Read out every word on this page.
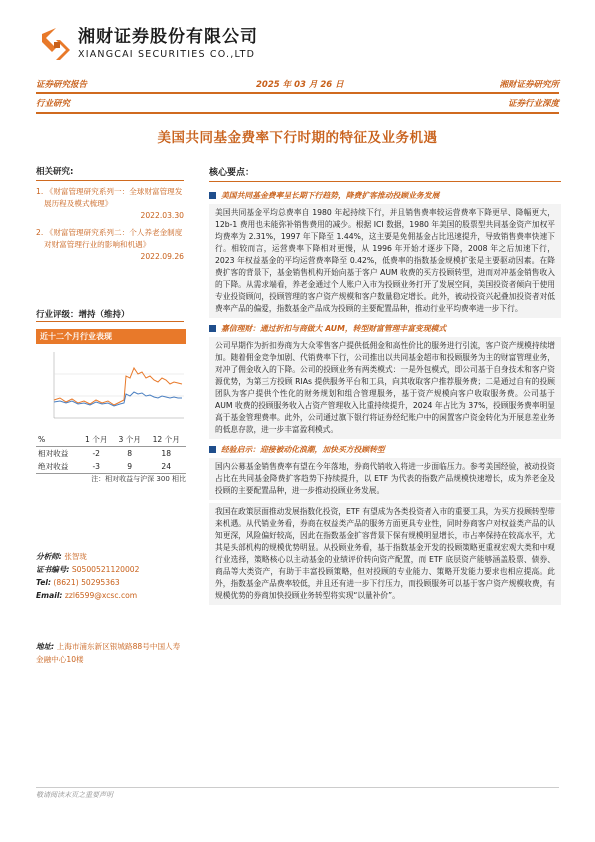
湘财证券股份有限公司
XIANGCAI SECURITIES CO.,LTD
证券研究报告	2025 年 03 月 26 日	湘财证券研究所
行业研究	证券行业深度
美国共同基金费率下行时期的特征及业务机遇
相关研究:
1. 《财富管理研究系列一：全球财富管理发展历程及模式梳理》
2022.03.30
2. 《财富管理研究系列二：个人养老金制度对财富管理行业的影响和机遇》
2022.09.26
行业评级：增持（维持）
近十二个月行业表现
%	1 个月	3 个月	12 个月
相对收益	-2	8	18
绝对收益	-3	9	24
注：相对收益与沪深 300 相比
分析师: 张智珑
证书编号: S0500521120002
Tel: (8621) 50295363
Email: zzl6599@xcsc.com
地址: 上海市浦东新区银城路88号中国人寿金融中心10楼
核心要点：
美国共同基金费率呈长期下行趋势，降费扩客推动投顾业务发展
美国共同基金平均总费率自 1980 年起持续下行，并且销售费率较运营费率下降更早、降幅更大，12b-1 费用也未能弥补销售费用的减少。根据 ICI 数据，1980 年美国的股票型共同基金资产加权平均费率为 2.31%，1997 年下降至 1.44%，这主要是免佣基金占比迅速提升，导致销售费率快速下行。相较而言，运营费率下降相对更慢，从 1996 年开始才逐步下降，2008 年之后加速下行，2023 年权益基金的平均运营费率降至 0.42%，低费率的指数基金规模扩张是主要驱动因素。在降费扩客的背景下，基金销售机构开始向基于客户 AUM 收费的买方投顾转型，进而对冲基金销售收入的下降。从需求端看，养老金通过个人账户入市为投顾业务打开了发展空间，美国投资者倾向于使用专业投资顾问，投顾管理的客户资产规模和客户数量稳定增长。此外，被动投资兴起叠加投资者对低费率产品的偏爱，指数基金产品成为投顾的主要配置品种，推动行业平均费率进一步下行。
嘉信理财：通过折扣与商做大 AUM，转型财富管理丰富变现模式
公司早期作为折扣券商为大众零售客户提供低佣金和高性价比的服务进行引流，客户资产规模持续增加。随着佣金竞争加剧、代销费率下行，公司推出以共同基金超市和投顾服务为主的财富管理业务，对冲了佣金收入的下降。公司的投顾业务有两类模式：一是外包模式，即公司基于自身技术和客户资源优势，为第三方投顾 RIAs 提供服务平台和工具，向其收取客户推荐服务费；二是通过自有的投顾团队为客户提供个性化的财务规划和组合管理服务，基于资产规模向客户收取服务费。公司基于 AUM 收费的投顾服务收入占资产管理收入比重持续提升，2024 年占比为 37%，投顾服务费率明显高于基金管理费率。此外，公司通过旗下银行将证券经纪账户中的闲置客户资金转化为开展息差业务的低息存款，进一步丰富盈利模式。
经验启示：迎接被动化浪潮，加快买方投顾转型
国内公募基金销售费率有望在今年落地，券商代销收入将进一步面临压力。参考美国经验，被动投资占比在共同基金降费扩客趋势下持续提升，以 ETF 为代表的指数产品规模快速增长，成为养老金及投顾的主要配置品种，进一步推动投顾业务发展。
我国在政策层面推动发展指数化投资，ETF 有望成为各类投资者入市的重要工具，为买方投顾转型带来机遇。从代销业务看，券商在权益类产品的服务方面更具专业性，同时券商客户对权益类产品的认知更深，风险偏好较高，因此在指数基金扩容背景下保有规模明显增长，市占率保持在较高水平，尤其是头部机构的规模优势明显。从投顾业务看，基于指数基金开发的投顾策略更重视宏观大类和中观行业选择，策略核心以主动基金的业绩评价转向资产配置，而 ETF 底层资产能够涵盖股票、债券、商品等大类资产，有助于丰富投顾策略，但对投顾的专业能力、策略开发能力要求也相应提高。此外，指数基金产品费率较低，并且还有进一步下行压力，而投顾服务可以基于客户资产规模收费，有规模优势的券商加快投顾业务转型将实现“以量补价”。
敬请阅读末页之重要声明
